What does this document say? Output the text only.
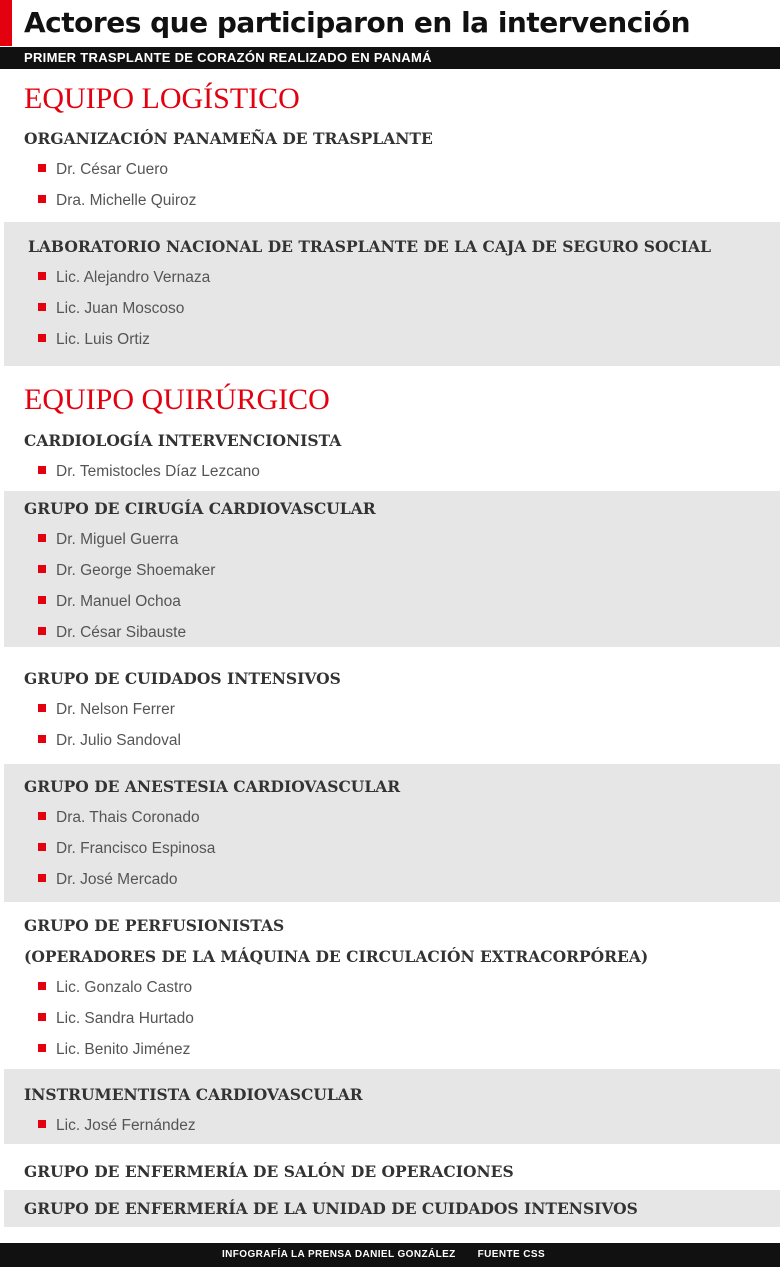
Actores que participaron en la intervención
PRIMER TRASPLANTE DE CORAZÓN REALIZADO EN PANAMÁ
EQUIPO LOGÍSTICO
ORGANIZACIÓN PANAMEÑA DE TRASPLANTE
Dr. César Cuero
Dra. Michelle Quiroz
LABORATORIO NACIONAL DE TRASPLANTE DE LA CAJA DE SEGURO SOCIAL
Lic. Alejandro Vernaza
Lic. Juan Moscoso
Lic. Luis Ortiz
EQUIPO QUIRÚRGICO
CARDIOLOGÍA INTERVENCIONISTA
Dr. Temistocles Díaz Lezcano
GRUPO DE CIRUGÍA CARDIOVASCULAR
Dr. Miguel Guerra
Dr. George Shoemaker
Dr. Manuel Ochoa
Dr. César Sibauste
GRUPO DE CUIDADOS INTENSIVOS
Dr. Nelson Ferrer
Dr. Julio Sandoval
GRUPO DE ANESTESIA CARDIOVASCULAR
Dra. Thais Coronado
Dr. Francisco Espinosa
Dr. José Mercado
GRUPO DE PERFUSIONISTAS
(OPERADORES DE LA MÁQUINA DE CIRCULACIÓN EXTRACORPÓREA)
Lic. Gonzalo Castro
Lic. Sandra Hurtado
Lic. Benito Jiménez
INSTRUMENTISTA CARDIOVASCULAR
Lic. José Fernández
GRUPO DE ENFERMERÍA DE SALÓN DE OPERACIONES
GRUPO DE ENFERMERÍA DE LA UNIDAD DE CUIDADOS INTENSIVOS
INFOGRAFÍA LA PRENSA DANIEL GONZÁLEZ FUENTE CSS
